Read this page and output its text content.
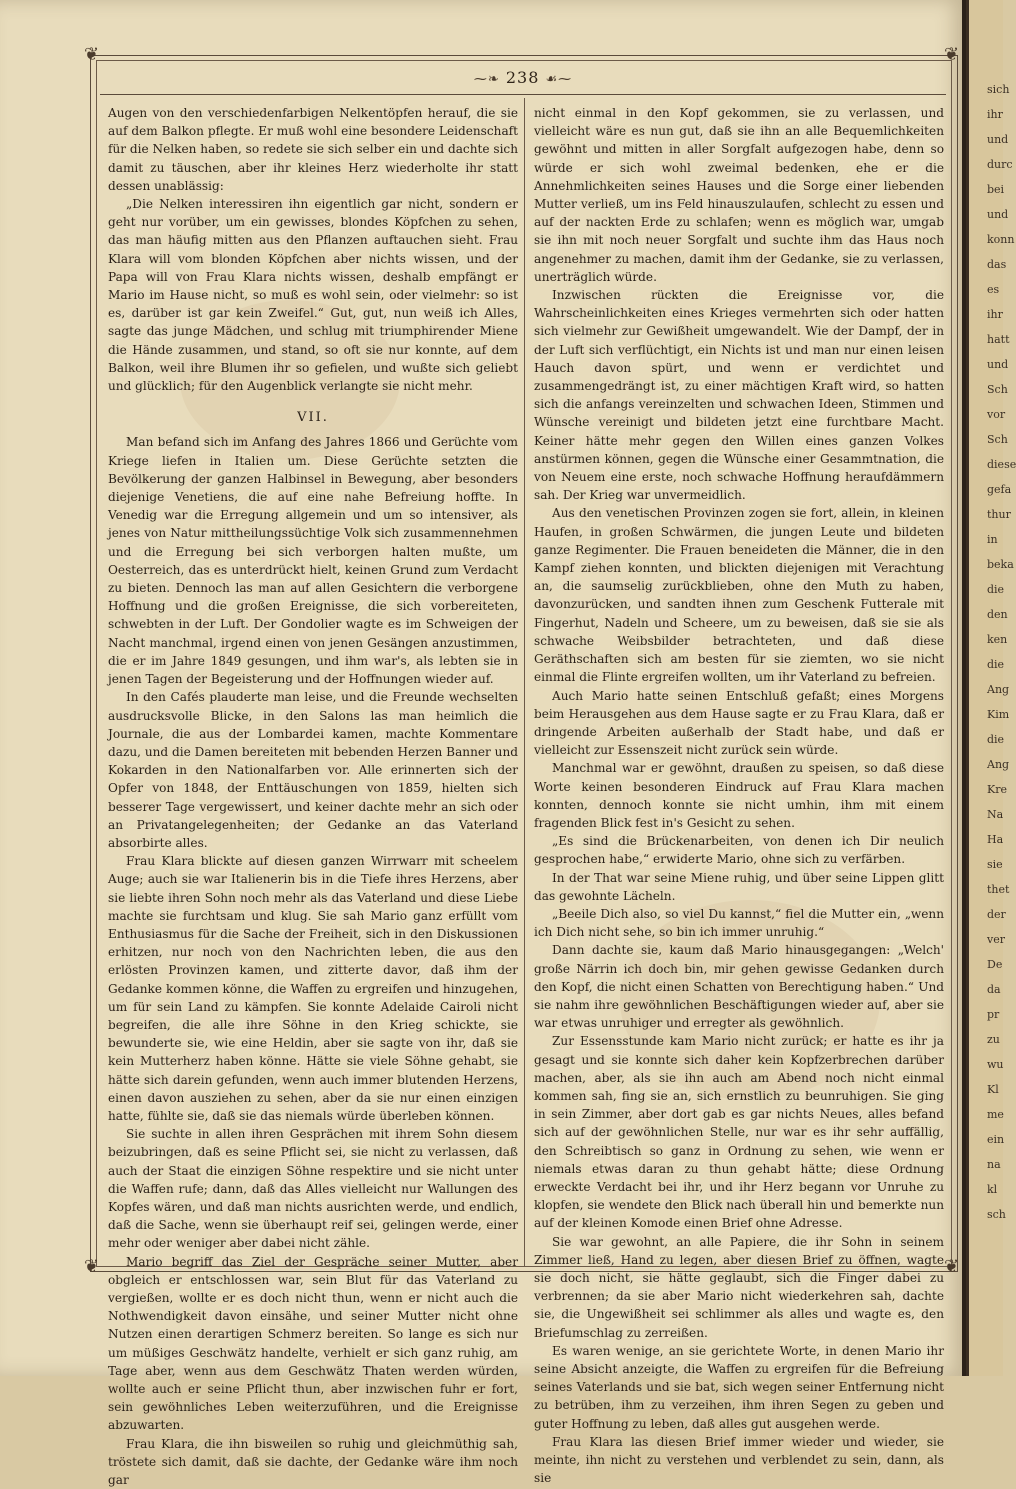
❦	❦
❦	❦
⁓❧ 238 ☙⁓

Augen von den verschiedenfarbigen Nelkentöpfen herauf, die sie auf dem Balkon pflegte. Er muß wohl eine besondere Leidenschaft für die Nelken haben, so redete sie sich selber ein und dachte sich damit zu täuschen, aber ihr kleines Herz wiederholte ihr statt dessen unablässig:

„Die Nelken interessiren ihn eigentlich gar nicht, sondern er geht nur vorüber, um ein gewisses, blondes Köpfchen zu sehen, das man häufig mitten aus den Pflanzen auftauchen sieht. Frau Klara will vom blonden Köpfchen aber nichts wissen, und der Papa will von Frau Klara nichts wissen, deshalb empfängt er Mario im Hause nicht, so muß es wohl sein, oder vielmehr: so ist es, darüber ist gar kein Zweifel.“ Gut, gut, nun weiß ich Alles, sagte das junge Mädchen, und schlug mit triumphirender Miene die Hände zusammen, und stand, so oft sie nur konnte, auf dem Balkon, weil ihre Blumen ihr so gefielen, und wußte sich geliebt und glücklich; für den Augenblick verlangte sie nicht mehr.

VII.

Man befand sich im Anfang des Jahres 1866 und Gerüchte vom Kriege liefen in Italien um. Diese Gerüchte setzten die Bevölkerung der ganzen Halbinsel in Bewegung, aber besonders diejenige Venetiens, die auf eine nahe Befreiung hoffte. In Venedig war die Erregung allgemein und um so intensiver, als jenes von Natur mittheilungssüchtige Volk sich zusammennehmen und die Erregung bei sich verborgen halten mußte, um Oesterreich, das es unterdrückt hielt, keinen Grund zum Verdacht zu bieten. Dennoch las man auf allen Gesichtern die verborgene Hoffnung und die großen Ereignisse, die sich vorbereiteten, schwebten in der Luft. Der Gondolier wagte es im Schweigen der Nacht manchmal, irgend einen von jenen Gesängen anzustimmen, die er im Jahre 1849 gesungen, und ihm war's, als lebten sie in jenen Tagen der Begeisterung und der Hoffnungen wieder auf.

In den Cafés plauderte man leise, und die Freunde wechselten ausdrucksvolle Blicke, in den Salons las man heimlich die Journale, die aus der Lombardei kamen, machte Kommentare dazu, und die Damen bereiteten mit bebenden Herzen Banner und Kokarden in den Nationalfarben vor. Alle erinnerten sich der Opfer von 1848, der Enttäuschungen von 1859, hielten sich besserer Tage vergewissert, und keiner dachte mehr an sich oder an Privatangelegenheiten; der Gedanke an das Vaterland absorbirte alles.

Frau Klara blickte auf diesen ganzen Wirrwarr mit scheelem Auge; auch sie war Italienerin bis in die Tiefe ihres Herzens, aber sie liebte ihren Sohn noch mehr als das Vaterland und diese Liebe machte sie furchtsam und klug. Sie sah Mario ganz erfüllt vom Enthusiasmus für die Sache der Freiheit, sich in den Diskussionen erhitzen, nur noch von den Nachrichten leben, die aus den erlösten Provinzen kamen, und zitterte davor, daß ihm der Gedanke kommen könne, die Waffen zu ergreifen und hinzugehen, um für sein Land zu kämpfen. Sie konnte Adelaide Cairoli nicht begreifen, die alle ihre Söhne in den Krieg schickte, sie bewunderte sie, wie eine Heldin, aber sie sagte von ihr, daß sie kein Mutterherz haben könne. Hätte sie viele Söhne gehabt, sie hätte sich darein gefunden, wenn auch immer blutenden Herzens, einen davon ausziehen zu sehen, aber da sie nur einen einzigen hatte, fühlte sie, daß sie das niemals würde überleben können.

Sie suchte in allen ihren Gesprächen mit ihrem Sohn diesem beizubringen, daß es seine Pflicht sei, sie nicht zu verlassen, daß auch der Staat die einzigen Söhne respektire und sie nicht unter die Waffen rufe; dann, daß das Alles vielleicht nur Wallungen des Kopfes wären, und daß man nichts ausrichten werde, und endlich, daß die Sache, wenn sie überhaupt reif sei, gelingen werde, einer mehr oder weniger aber dabei nicht zähle.

Mario begriff das Ziel der Gespräche seiner Mutter, aber obgleich er entschlossen war, sein Blut für das Vaterland zu vergießen, wollte er es doch nicht thun, wenn er nicht auch die Nothwendigkeit davon einsähe, und seiner Mutter nicht ohne Nutzen einen derartigen Schmerz bereiten. So lange es sich nur um müßiges Geschwätz handelte, verhielt er sich ganz ruhig, am Tage aber, wenn aus dem Geschwätz Thaten werden würden, wollte auch er seine Pflicht thun, aber inzwischen fuhr er fort, sein gewöhnliches Leben weiterzuführen, und die Ereignisse abzuwarten.

Frau Klara, die ihn bisweilen so ruhig und gleichmüthig sah, tröstete sich damit, daß sie dachte, der Gedanke wäre ihm noch gar

nicht einmal in den Kopf gekommen, sie zu verlassen, und vielleicht wäre es nun gut, daß sie ihn an alle Bequemlichkeiten gewöhnt und mitten in aller Sorgfalt aufgezogen habe, denn so würde er sich wohl zweimal bedenken, ehe er die Annehmlichkeiten seines Hauses und die Sorge einer liebenden Mutter verließ, um ins Feld hinauszulaufen, schlecht zu essen und auf der nackten Erde zu schlafen; wenn es möglich war, umgab sie ihn mit noch neuer Sorgfalt und suchte ihm das Haus noch angenehmer zu machen, damit ihm der Gedanke, sie zu verlassen, unerträglich würde.

Inzwischen rückten die Ereignisse vor, die Wahrscheinlichkeiten eines Krieges vermehrten sich oder hatten sich vielmehr zur Gewißheit umgewandelt. Wie der Dampf, der in der Luft sich verflüchtigt, ein Nichts ist und man nur einen leisen Hauch davon spürt, und wenn er verdichtet und zusammengedrängt ist, zu einer mächtigen Kraft wird, so hatten sich die anfangs vereinzelten und schwachen Ideen, Stimmen und Wünsche vereinigt und bildeten jetzt eine furchtbare Macht. Keiner hätte mehr gegen den Willen eines ganzen Volkes anstürmen können, gegen die Wünsche einer Gesammtnation, die von Neuem eine erste, noch schwache Hoffnung heraufdämmern sah. Der Krieg war unvermeidlich.

Aus den venetischen Provinzen zogen sie fort, allein, in kleinen Haufen, in großen Schwärmen, die jungen Leute und bildeten ganze Regimenter. Die Frauen beneideten die Männer, die in den Kampf ziehen konnten, und blickten diejenigen mit Verachtung an, die saumselig zurückblieben, ohne den Muth zu haben, davonzurücken, und sandten ihnen zum Geschenk Futterale mit Fingerhut, Nadeln und Scheere, um zu beweisen, daß sie sie als schwache Weibsbilder betrachteten, und daß diese Geräthschaften sich am besten für sie ziemten, wo sie nicht einmal die Flinte ergreifen wollten, um ihr Vaterland zu befreien.

Auch Mario hatte seinen Entschluß gefaßt; eines Morgens beim Herausgehen aus dem Hause sagte er zu Frau Klara, daß er dringende Arbeiten außerhalb der Stadt habe, und daß er vielleicht zur Essenszeit nicht zurück sein würde.

Manchmal war er gewöhnt, draußen zu speisen, so daß diese Worte keinen besonderen Eindruck auf Frau Klara machen konnten, dennoch konnte sie nicht umhin, ihm mit einem fragenden Blick fest in's Gesicht zu sehen.

„Es sind die Brückenarbeiten, von denen ich Dir neulich gesprochen habe,“ erwiderte Mario, ohne sich zu verfärben.

In der That war seine Miene ruhig, und über seine Lippen glitt das gewohnte Lächeln.

„Beeile Dich also, so viel Du kannst,“ fiel die Mutter ein, „wenn ich Dich nicht sehe, so bin ich immer unruhig.“

Dann dachte sie, kaum daß Mario hinausgegangen: „Welch' große Närrin ich doch bin, mir gehen gewisse Gedanken durch den Kopf, die nicht einen Schatten von Berechtigung haben.“ Und sie nahm ihre gewöhnlichen Beschäftigungen wieder auf, aber sie war etwas unruhiger und erregter als gewöhnlich.

Zur Essensstunde kam Mario nicht zurück; er hatte es ihr ja gesagt und sie konnte sich daher kein Kopfzerbrechen darüber machen, aber, als sie ihn auch am Abend noch nicht einmal kommen sah, fing sie an, sich ernstlich zu beunruhigen. Sie ging in sein Zimmer, aber dort gab es gar nichts Neues, alles befand sich auf der gewöhnlichen Stelle, nur war es ihr sehr auffällig, den Schreibtisch so ganz in Ordnung zu sehen, wie wenn er niemals etwas daran zu thun gehabt hätte; diese Ordnung erweckte Verdacht bei ihr, und ihr Herz begann vor Unruhe zu klopfen, sie wendete den Blick nach überall hin und bemerkte nun auf der kleinen Komode einen Brief ohne Adresse.

Sie war gewohnt, an alle Papiere, die ihr Sohn in seinem Zimmer ließ, Hand zu legen, aber diesen Brief zu öffnen, wagte sie doch nicht, sie hätte geglaubt, sich die Finger dabei zu verbrennen; da sie aber Mario nicht wiederkehren sah, dachte sie, die Ungewißheit sei schlimmer als alles und wagte es, den Briefumschlag zu zerreißen.

Es waren wenige, an sie gerichtete Worte, in denen Mario ihr seine Absicht anzeigte, die Waffen zu ergreifen für die Befreiung seines Vaterlands und sie bat, sich wegen seiner Entfernung nicht zu betrüben, ihm zu verzeihen, ihm ihren Segen zu geben und guter Hoffnung zu leben, daß alles gut ausgehen werde.

Frau Klara las diesen Brief immer wieder und wieder, sie meinte, ihn nicht zu verstehen und verblendet zu sein, dann, als sie

sich
ihr
und
durc
bei
und
konn
das
es
ihr
hatt
und
Sch
vor
Sch
diese
gefa
thur
in
beka
die
den
ken
die
Ang
Kim
die
Ang
Kre
Na
Ha
sie
thet
der
ver
De
da
pr
zu
wu
Kl
me
ein
na
kl
sch
